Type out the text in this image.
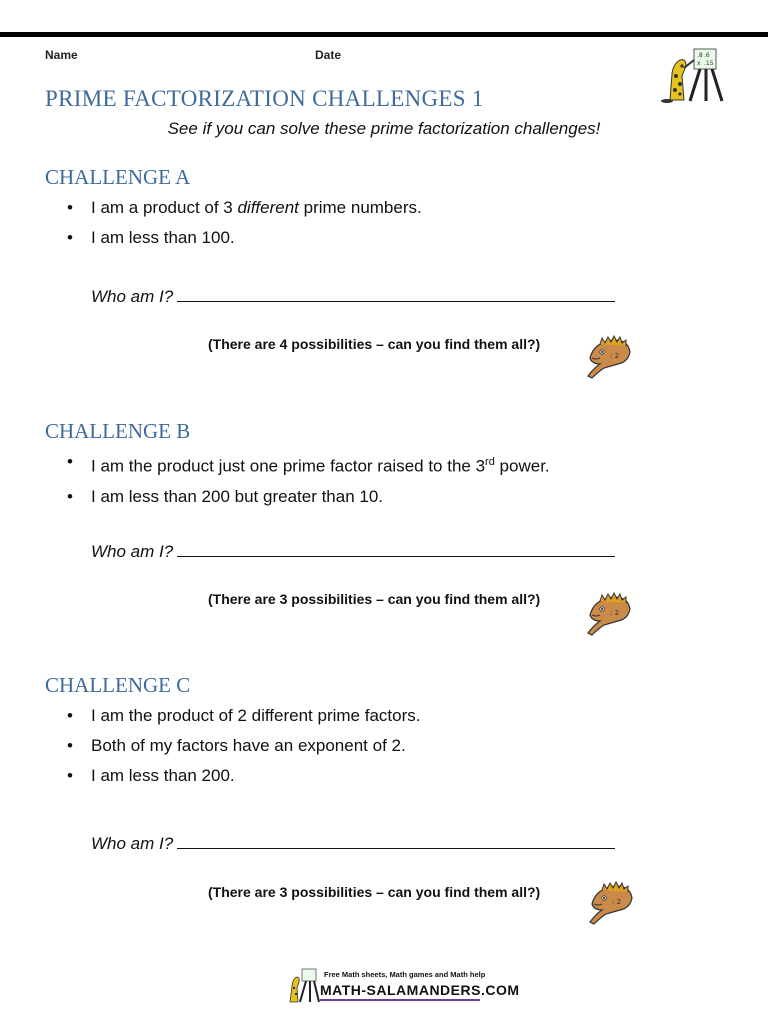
Name	Date	.8 .6
x .15
PRIME FACTORIZATION CHALLENGES 1
See if you can solve these prime factorization challenges!
CHALLENGE A
• I am a product of 3 different prime numbers.
• I am less than 100.
Who am I?
(There are 4 possibilities – can you find them all?)
: 2
CHALLENGE B
• I am the product just one prime factor raised to the 3rd power.
• I am less than 200 but greater than 10.
Who am I?
(There are 3 possibilities – can you find them all?)
: 2
CHALLENGE C
• I am the product of 2 different prime factors.
• Both of my factors have an exponent of 2.
• I am less than 200.
Who am I?
(There are 3 possibilities – can you find them all?)
: 2
Free Math sheets, Math games and Math help
MATH-SALAMANDERS.COM
